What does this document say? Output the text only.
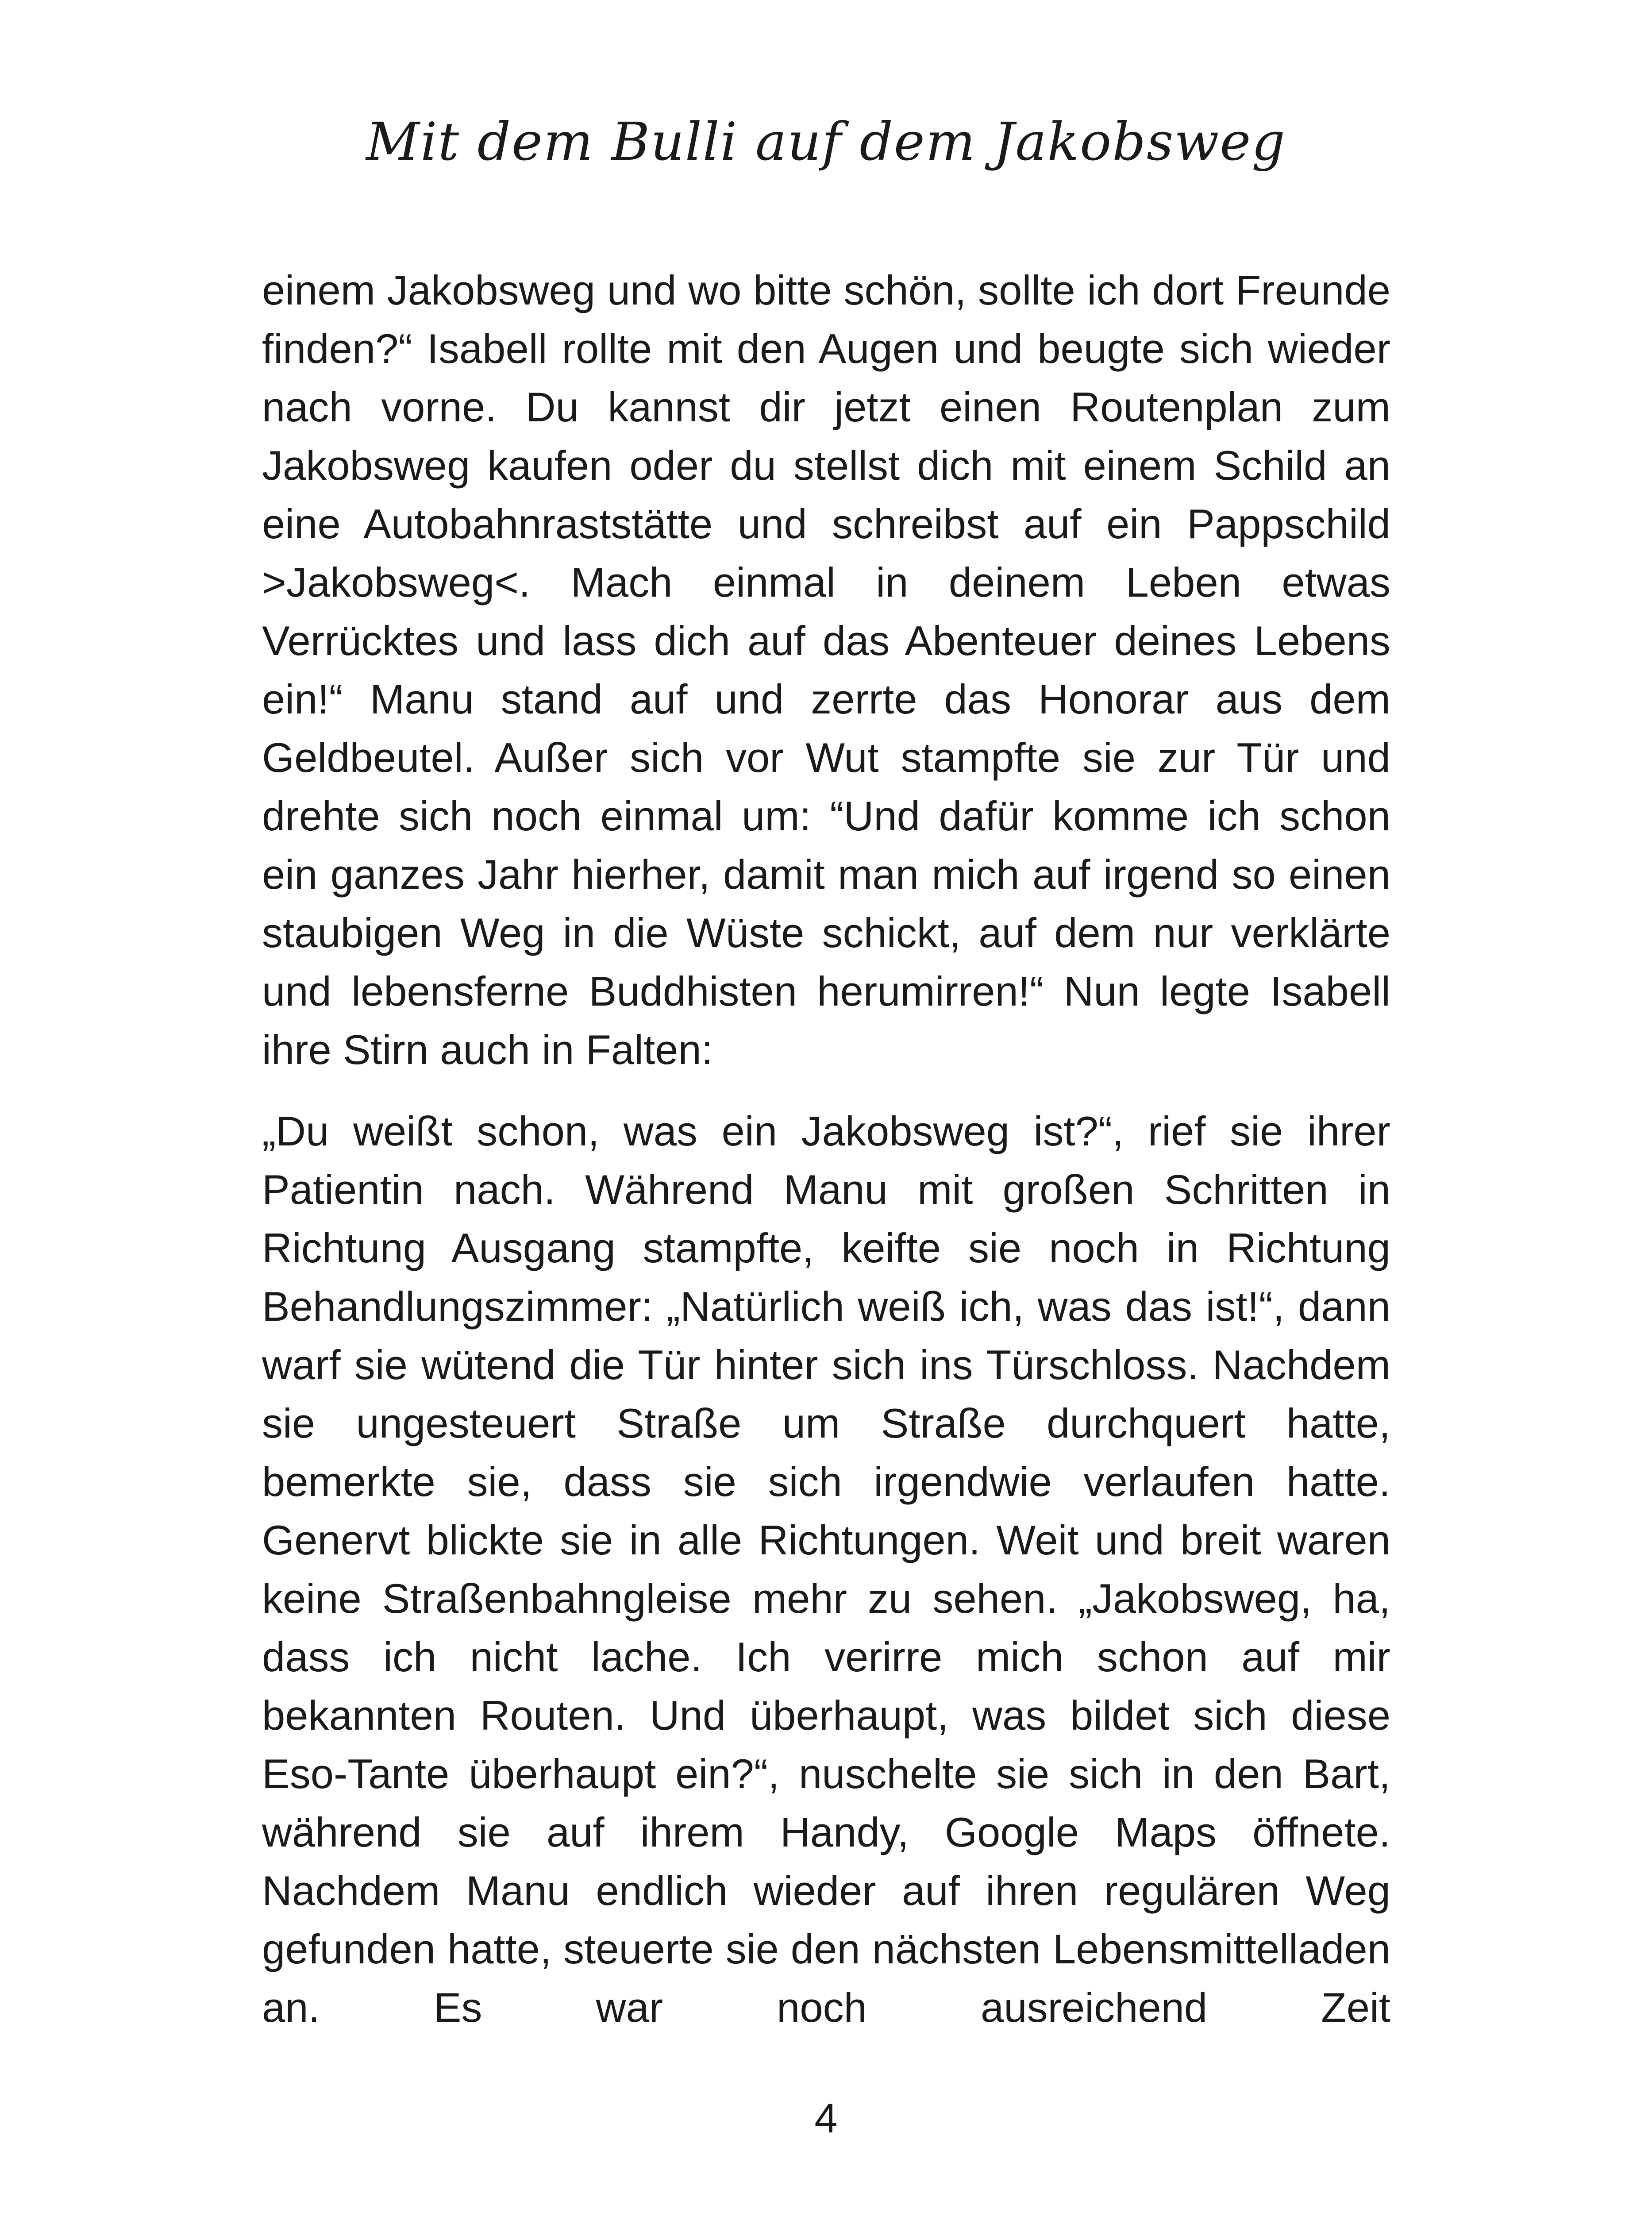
Mit dem Bulli auf dem Jakobsweg

einem Jakobsweg und wo bitte schön, sollte ich dort Freunde finden?“ Isabell rollte mit den Augen und beugte sich wieder nach vorne. Du kannst dir jetzt einen Routenplan zum Jakobsweg kaufen oder du stellst dich mit einem Schild an eine Autobahnraststätte und schreibst auf ein Pappschild >Jakobsweg<. Mach einmal in deinem Leben etwas Verrücktes und lass dich auf das Abenteuer deines Lebens ein!“ Manu stand auf und zerrte das Honorar aus dem Geldbeutel. Außer sich vor Wut stampfte sie zur Tür und drehte sich noch einmal um: “Und dafür komme ich schon ein ganzes Jahr hierher, damit man mich auf irgend so einen staubigen Weg in die Wüste schickt, auf dem nur verklärte und lebensferne Buddhisten herumirren!“ Nun legte Isabell ihre Stirn auch in Falten:

„Du weißt schon, was ein Jakobsweg ist?“, rief sie ihrer Patientin nach. Während Manu mit großen Schritten in Richtung Ausgang stampfte, keifte sie noch in Richtung Behandlungszimmer: „Natürlich weiß ich, was das ist!“, dann warf sie wütend die Tür hinter sich ins Türschloss. Nachdem sie ungesteuert Straße um Straße durchquert hatte, bemerkte sie, dass sie sich irgendwie verlaufen hatte. Genervt blickte sie in alle Richtungen. Weit und breit waren keine Straßenbahngleise mehr zu sehen. „Jakobsweg, ha, dass ich nicht lache. Ich verirre mich schon auf mir bekannten Routen. Und überhaupt, was bildet sich diese Eso-Tante überhaupt ein?“, nuschelte sie sich in den Bart, während sie auf ihrem Handy, Google Maps öffnete. Nachdem Manu endlich wieder auf ihren regulären Weg gefunden hatte, steuerte sie den nächsten Lebensmittelladen an. Es war noch ausreichend Zeit

4
